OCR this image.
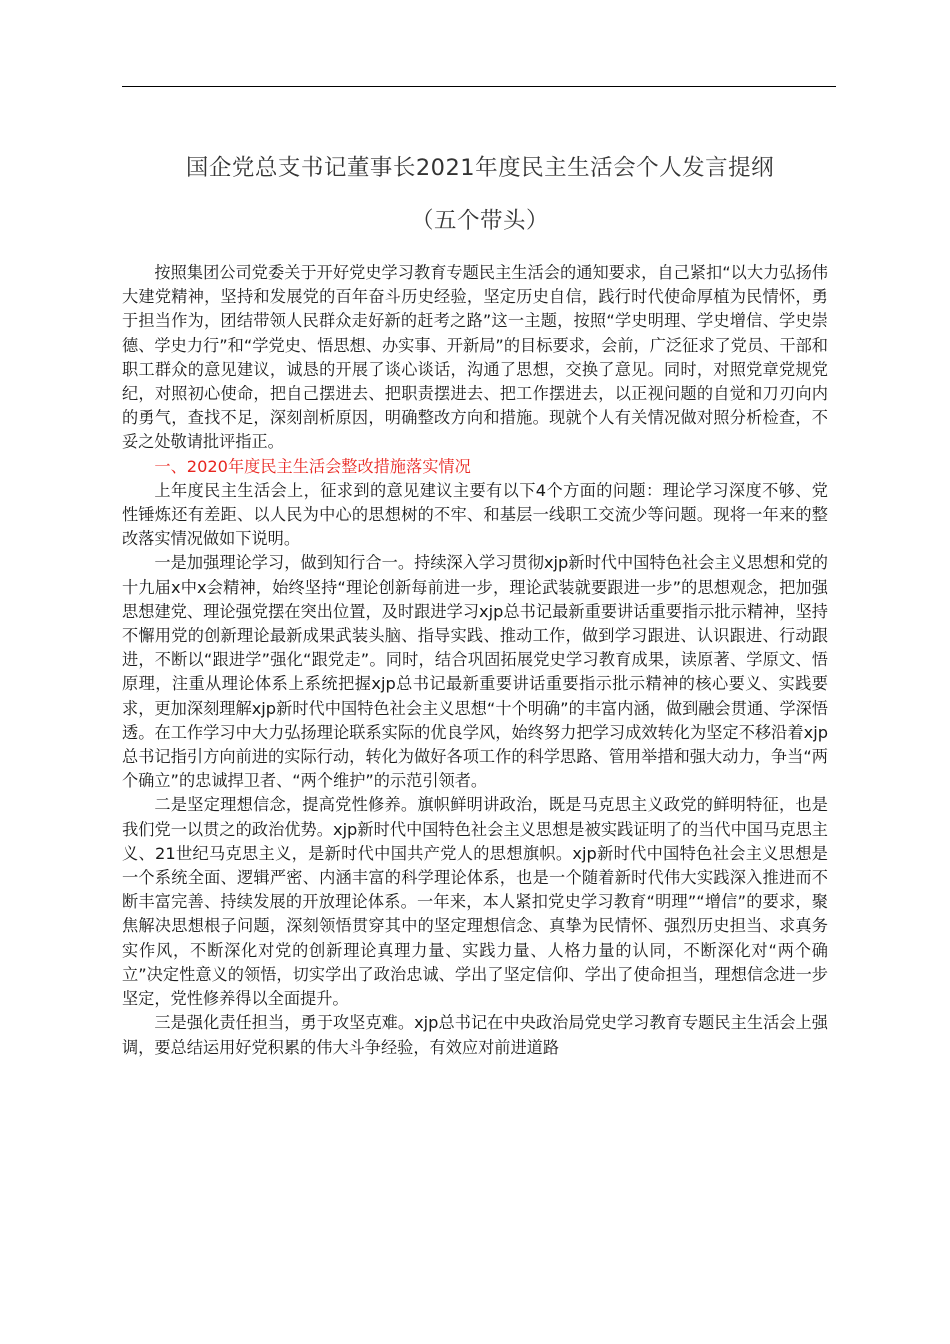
国企党总支书记董事长2021年度民主生活会个人发言提纲
（五个带头）

按照集团公司党委关于开好党史学习教育专题民主生活会的通知要求，自己紧扣“以大力弘扬伟大建党精神，坚持和发展党的百年奋斗历史经验，坚定历史自信，践行时代使命厚植为民情怀，勇于担当作为，团结带领人民群众走好新的赶考之路”这一主题，按照“学史明理、学史增信、学史崇德、学史力行”和“学党史、悟思想、办实事、开新局”的目标要求，会前，广泛征求了党员、干部和职工群众的意见建议，诚恳的开展了谈心谈话，沟通了思想，交换了意见。同时，对照党章党规党纪，对照初心使命，把自己摆进去、把职责摆进去、把工作摆进去，以正视问题的自觉和刀刃向内的勇气，查找不足，深刻剖析原因，明确整改方向和措施。现就个人有关情况做对照分析检查，不妥之处敬请批评指正。

一、2020年度民主生活会整改措施落实情况

上年度民主生活会上，征求到的意见建议主要有以下4个方面的问题：理论学习深度不够、党性锤炼还有差距、以人民为中心的思想树的不牢、和基层一线职工交流少等问题。现将一年来的整改落实情况做如下说明。

一是加强理论学习，做到知行合一。持续深入学习贯彻xjp新时代中国特色社会主义思想和党的十九届x中x会精神，始终坚持“理论创新每前进一步，理论武装就要跟进一步”的思想观念，把加强思想建党、理论强党摆在突出位置，及时跟进学习xjp总书记最新重要讲话重要指示批示精神，坚持不懈用党的创新理论最新成果武装头脑、指导实践、推动工作，做到学习跟进、认识跟进、行动跟进，不断以“跟进学”强化“跟党走”。同时，结合巩固拓展党史学习教育成果，读原著、学原文、悟原理，注重从理论体系上系统把握xjp总书记最新重要讲话重要指示批示精神的核心要义、实践要求，更加深刻理解xjp新时代中国特色社会主义思想“十个明确”的丰富内涵，做到融会贯通、学深悟透。在工作学习中大力弘扬理论联系实际的优良学风，始终努力把学习成效转化为坚定不移沿着xjp总书记指引方向前进的实际行动，转化为做好各项工作的科学思路、管用举措和强大动力，争当“两个确立”的忠诚捍卫者、“两个维护”的示范引领者。

二是坚定理想信念，提高党性修养。旗帜鲜明讲政治，既是马克思主义政党的鲜明特征，也是我们党一以贯之的政治优势。xjp新时代中国特色社会主义思想是被实践证明了的当代中国马克思主义、21世纪马克思主义，是新时代中国共产党人的思想旗帜。xjp新时代中国特色社会主义思想是一个系统全面、逻辑严密、内涵丰富的科学理论体系，也是一个随着新时代伟大实践深入推进而不断丰富完善、持续发展的开放理论体系。一年来，本人紧扣党史学习教育“明理”“增信”的要求，聚焦解决思想根子问题，深刻领悟贯穿其中的坚定理想信念、真挚为民情怀、强烈历史担当、求真务实作风，不断深化对党的创新理论真理力量、实践力量、人格力量的认同，不断深化对“两个确立”决定性意义的领悟，切实学出了政治忠诚、学出了坚定信仰、学出了使命担当，理想信念进一步坚定，党性修养得以全面提升。

三是强化责任担当，勇于攻坚克难。xjp总书记在中央政治局党史学习教育专题民主生活会上强调，要总结运用好党积累的伟大斗争经验，有效应对前进道路
